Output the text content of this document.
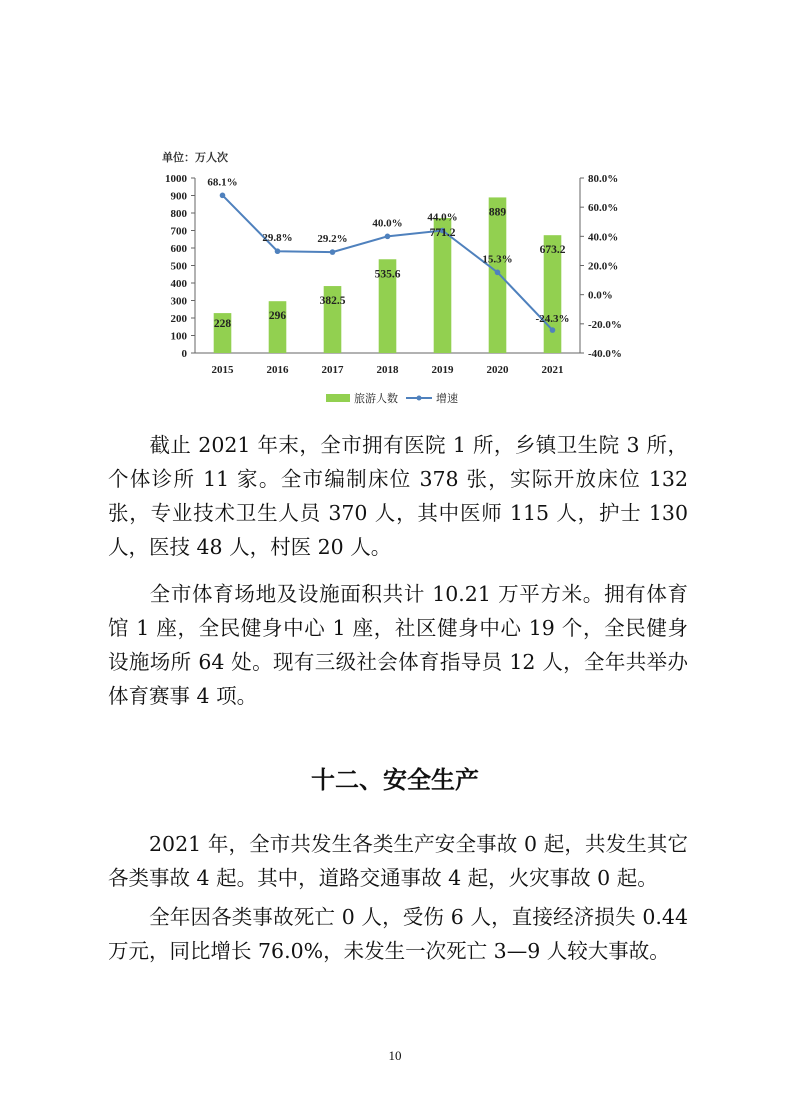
单位：万人次
0
100
200
300
400
500
600
700
800
900
1000
-40.0%
-20.0%
0.0%
20.0%
40.0%
60.0%
80.0%
2015	2016	2017	2018	2019	2020	2021
228
296
382.5
535.6
771.2
889
673.2
68.1%
29.8% 29.2%
40.0% 44.0%
15.3%
-24.3%
旅游人数	增速

截止 2021 年末，全市拥有医院 1 所，乡镇卫生院 3 所，个体诊所 11 家。全市编制床位 378 张，实际开放床位 132 张，专业技术卫生人员 370 人，其中医师 115 人，护士 130 人，医技 48 人，村医 20 人。

全市体育场地及设施面积共计 10.21 万平方米。拥有体育馆 1 座，全民健身中心 1 座，社区健身中心 19 个，全民健身设施场所 64 处。现有三级社会体育指导员 12 人，全年共举办体育赛事 4 项。

十二、安全生产

2021 年，全市共发生各类生产安全事故 0 起，共发生其它各类事故 4 起。其中，道路交通事故 4 起，火灾事故 0 起。

全年因各类事故死亡 0 人，受伤 6 人，直接经济损失 0.44 万元，同比增长 76.0%，未发生一次死亡 3—9 人较大事故。

10
